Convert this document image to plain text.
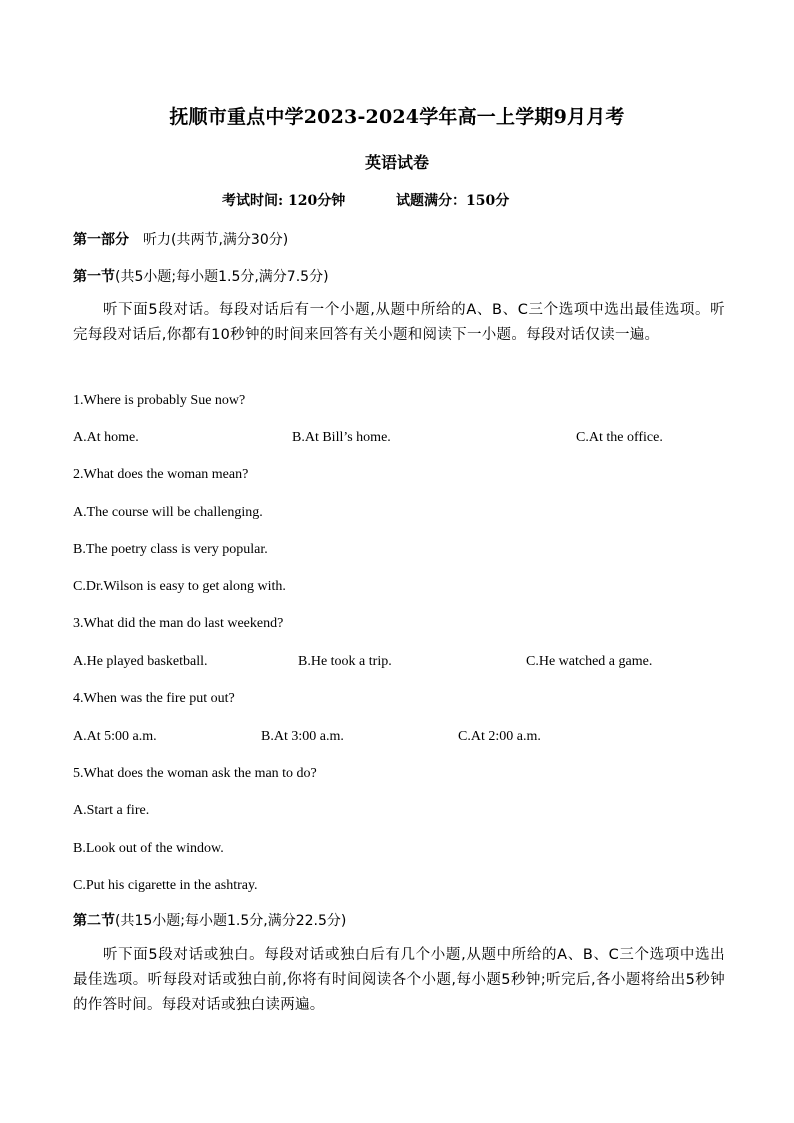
抚顺市重点中学2023-2024学年高一上学期9月月考
英语试卷
考试时间: 120分钟	试题满分：150分
第一部分 听力(共两节,满分30分)
第一节(共5小题;每小题1.5分,满分7.5分)
听下面5段对话。每段对话后有一个小题,从题中所给的A、B、C三个选项中选出最佳选项。听完每段对话后,你都有10秒钟的时间来回答有关小题和阅读下一小题。每段对话仅读一遍。
1.Where is probably Sue now?
A.At home.	B.At Bill’s home.	C.At the office.
2.What does the woman mean?
A.The course will be challenging.
B.The poetry class is very popular.
C.Dr.Wilson is easy to get along with.
3.What did the man do last weekend?
A.He played basketball.	B.He took a trip.	C.He watched a game.
4.When was the fire put out?
A.At 5:00 a.m.	B.At 3:00 a.m.	C.At 2:00 a.m.
5.What does the woman ask the man to do?
A.Start a fire.
B.Look out of the window.
C.Put his cigarette in the ashtray.
第二节(共15小题;每小题1.5分,满分22.5分)
听下面5段对话或独白。每段对话或独白后有几个小题,从题中所给的A、B、C三个选项中选出最佳选项。听每段对话或独白前,你将有时间阅读各个小题,每小题5秒钟;听完后,各小题将给出5秒钟的作答时间。每段对话或独白读两遍。
